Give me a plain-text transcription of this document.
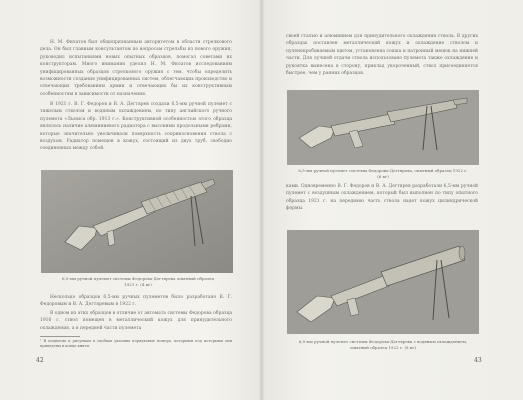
Н. М. Филатов был общепризнанным авторитетом в области стрелкового дела. Он был главным консультантом по вопросам стрельбы из нового оружия, руководил испытаниями новых опытных образцов, помогал советами их конструкторам. Много внимания уделял Н. М. Филатов исследованиям унифицированных образцов стрелкового оружия с тем, чтобы определить возможности создания унифицированных систем, облегчающих производство и отвечающих требованиям армии и отвечающих бы их конструктивным особенностям в зависимости от назначения.

В 1921 г. В. Г. Федоров и В. А. Дегтярев создали 6,5-мм ручной пулемет с тяжелым стволом и водяным охлаждением, по типу английского ручного пулемета «Льюиса обр. 1913 г.». Конструктивной особенностью этого образца являлось наличие алюминиевого радиатора с высокими продольными ребрами, которые значительно увеличивали поверхность соприкосновения ствола с воздухом. Радиатор помещен в кожух, состоящий из двух труб, свободно соединенных между собой.

6,5-мм ручной пулемет системы Федорова-Дегтярева опытный образец 1921 г. (4 кг)

Несколько образцов 6,5-мм ручных пулеметов было разработано В. Г. Федоровым и В. А. Дегтяревым в 1922 г.

В одном из этих образцов в отличие от автомата системы Федорова образца 1916 г. ствол помещен в металлический кожух для принудительного охлаждения, а в передней части пулемета

¹ В подписях к рисункам в скобках указаны порядковые номера, которыми под которыми они приведены в конце книги.

42

своей сталью и алюминием для принудительного охлаждения ствола. В других образцах поставлен металлический кожух и охлаждение стволом и пуленепробиваемым щитом, установлена сошка и патронный мешок на нижней части. Для лучшей отдачи ствола использовано пулемета также охлаждение и рукоятка вынесена в сторону, приклад укороченный, ствол присоединяется быстрее, чем у ранних образцов.

6,5-мм ручной пулемет системы Федорова-Дегтярева, опытный образец 1922 г. (6 кг)

ками. Одновременно В. Г. Федоров и В. А. Дегтярев разработали 6,5-мм ручной пулемет с воздушным охлаждением, который был выполнен по типу опытного образца 1921 г. на переднюю часть ствола надет кожух цилиндрической формы.

6,5-мм ручной пулемет системы Федорова-Дегтярева с водяным охлаждением, опытный образец 1922 г. (8 кг)

43
